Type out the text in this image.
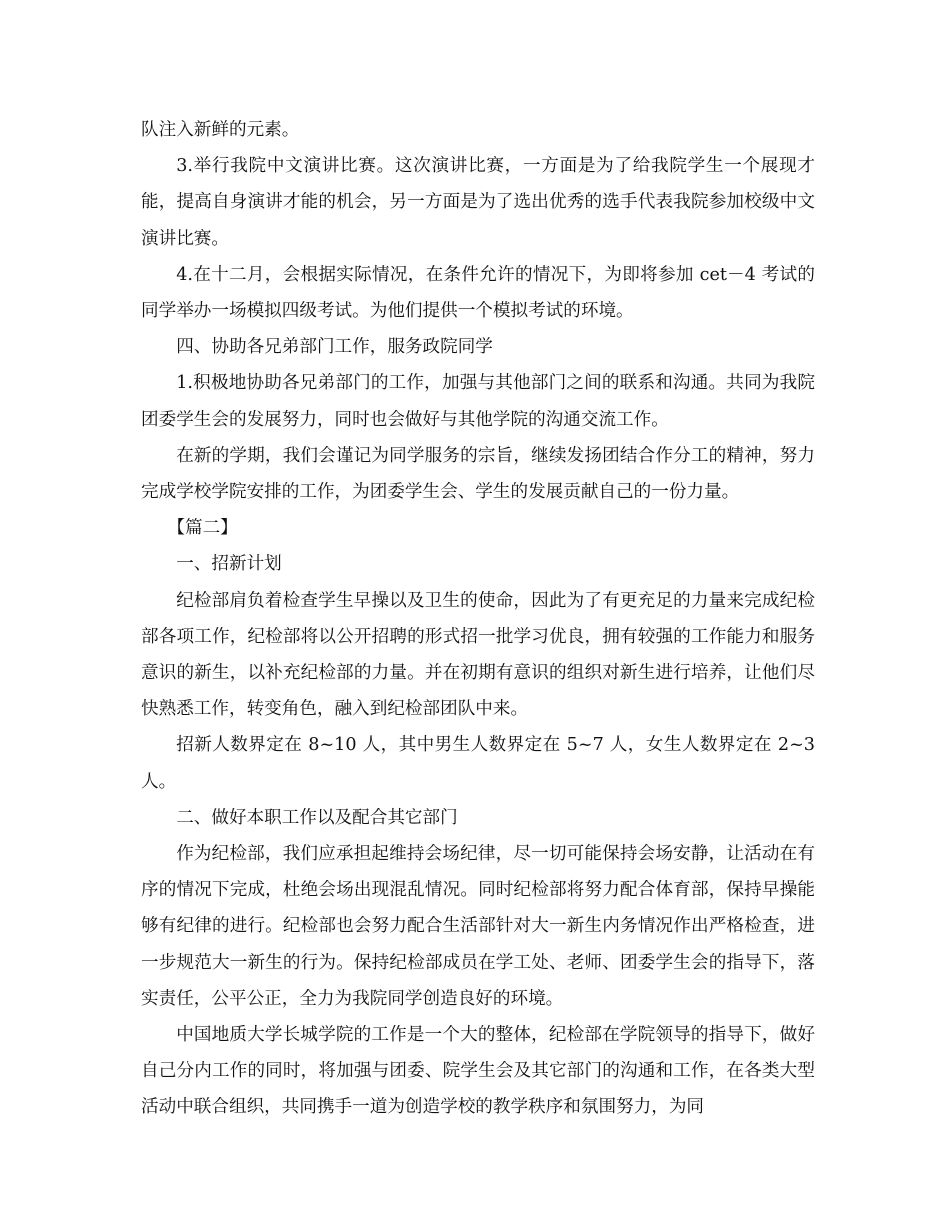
队注入新鲜的元素。

3.举行我院中文演讲比赛。这次演讲比赛，一方面是为了给我院学生一个展现才能，提高自身演讲才能的机会，另一方面是为了选出优秀的选手代表我院参加校级中文演讲比赛。

4.在十二月，会根据实际情况，在条件允许的情况下，为即将参加 cet－4 考试的同学举办一场模拟四级考试。为他们提供一个模拟考试的环境。

四、协助各兄弟部门工作，服务政院同学

1.积极地协助各兄弟部门的工作，加强与其他部门之间的联系和沟通。共同为我院团委学生会的发展努力，同时也会做好与其他学院的沟通交流工作。

在新的学期，我们会谨记为同学服务的宗旨，继续发扬团结合作分工的精神，努力完成学校学院安排的工作，为团委学生会、学生的发展贡献自己的一份力量。

【篇二】

一、招新计划

纪检部肩负着检查学生早操以及卫生的使命，因此为了有更充足的力量来完成纪检部各项工作，纪检部将以公开招聘的形式招一批学习优良，拥有较强的工作能力和服务意识的新生，以补充纪检部的力量。并在初期有意识的组织对新生进行培养，让他们尽快熟悉工作，转变角色，融入到纪检部团队中来。

招新人数界定在 8~10 人，其中男生人数界定在 5~7 人，女生人数界定在 2~3 人。

二、做好本职工作以及配合其它部门

作为纪检部，我们应承担起维持会场纪律，尽一切可能保持会场安静，让活动在有序的情况下完成，杜绝会场出现混乱情况。同时纪检部将努力配合体育部，保持早操能够有纪律的进行。纪检部也会努力配合生活部针对大一新生内务情况作出严格检查，进一步规范大一新生的行为。保持纪检部成员在学工处、老师、团委学生会的指导下，落实责任，公平公正，全力为我院同学创造良好的环境。

中国地质大学长城学院的工作是一个大的整体，纪检部在学院领导的指导下，做好自己分内工作的同时，将加强与团委、院学生会及其它部门的沟通和工作，在各类大型活动中联合组织，共同携手一道为创造学校的教学秩序和氛围努力，为同
